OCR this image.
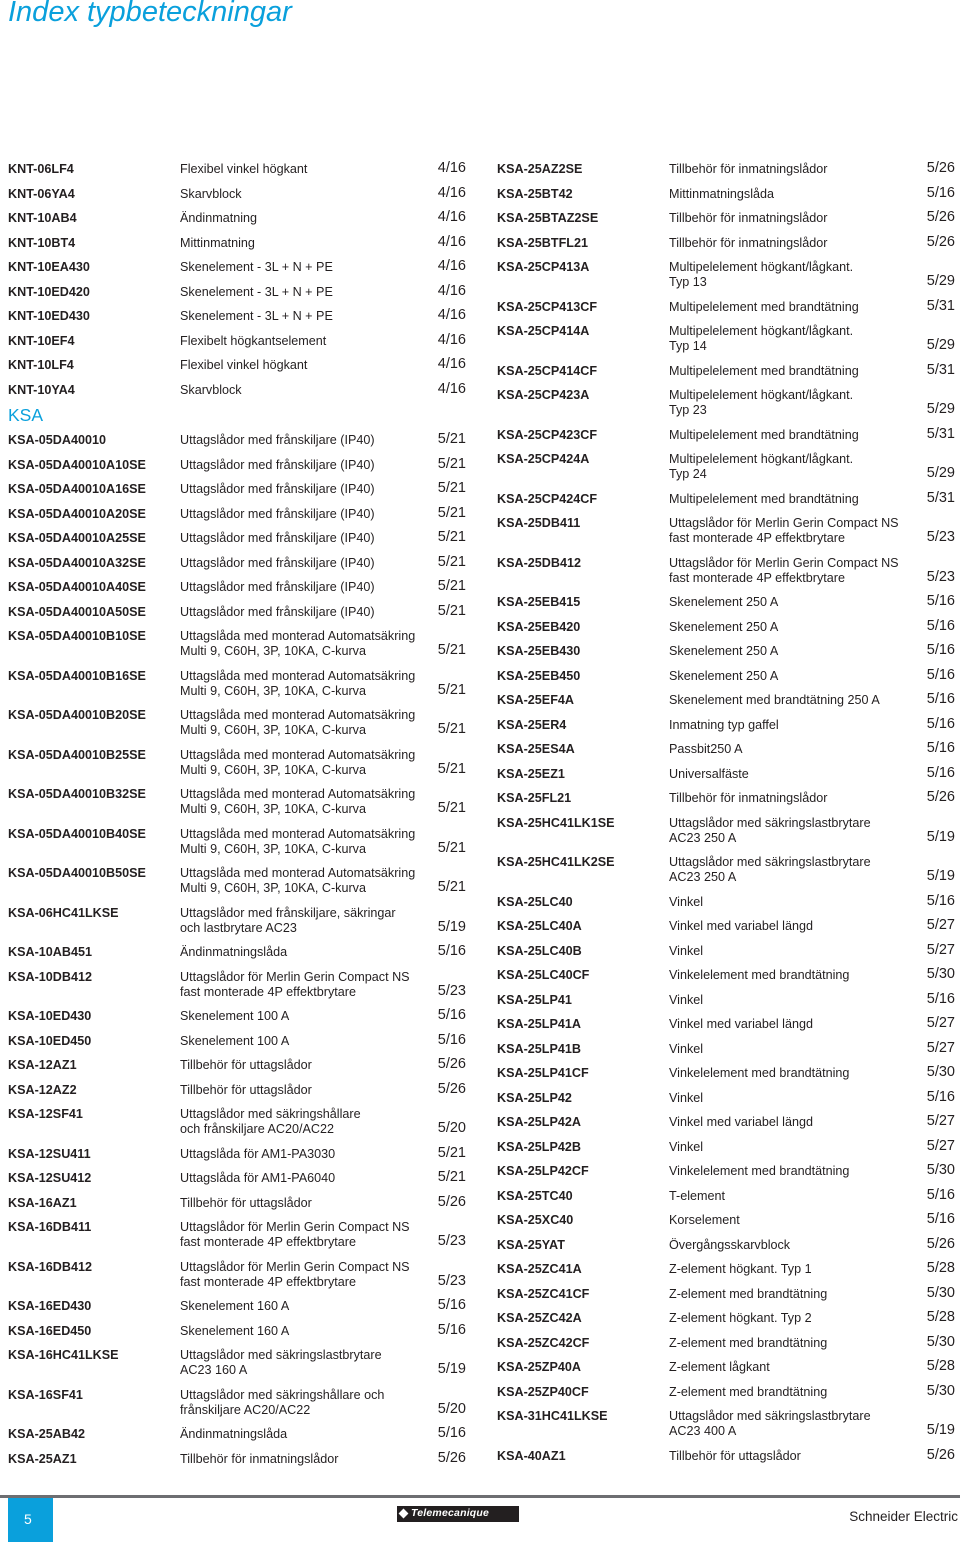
Index typbeteckningar
KNT-06LF4	Flexibel vinkel högkant	4/16
KNT-06YA4	Skarvblock	4/16
KNT-10AB4	Ändinmatning	4/16
KNT-10BT4	Mittinmatning	4/16
KNT-10EA430	Skenelement - 3L + N + PE	4/16
KNT-10ED420	Skenelement - 3L + N + PE	4/16
KNT-10ED430	Skenelement - 3L + N + PE	4/16
KNT-10EF4	Flexibelt högkantselement	4/16
KNT-10LF4	Flexibel vinkel högkant	4/16
KNT-10YA4	Skarvblock	4/16
KSA
KSA-05DA40010	Uttagslådor med frånskiljare (IP40)	5/21
KSA-05DA40010A10SE	Uttagslådor med frånskiljare (IP40)	5/21
KSA-05DA40010A16SE	Uttagslådor med frånskiljare (IP40)	5/21
KSA-05DA40010A20SE	Uttagslådor med frånskiljare (IP40)	5/21
KSA-05DA40010A25SE	Uttagslådor med frånskiljare (IP40)	5/21
KSA-05DA40010A32SE	Uttagslådor med frånskiljare (IP40)	5/21
KSA-05DA40010A40SE	Uttagslådor med frånskiljare (IP40)	5/21
KSA-05DA40010A50SE	Uttagslådor med frånskiljare (IP40)	5/21
KSA-05DA40010B10SE	Uttagslåda med monterad Automatsäkring
Multi 9, C60H, 3P, 10KA, C-kurva	5/21
KSA-05DA40010B16SE	Uttagslåda med monterad Automatsäkring
Multi 9, C60H, 3P, 10KA, C-kurva	5/21
KSA-05DA40010B20SE	Uttagslåda med monterad Automatsäkring
Multi 9, C60H, 3P, 10KA, C-kurva	5/21
KSA-05DA40010B25SE	Uttagslåda med monterad Automatsäkring
Multi 9, C60H, 3P, 10KA, C-kurva	5/21
KSA-05DA40010B32SE	Uttagslåda med monterad Automatsäkring
Multi 9, C60H, 3P, 10KA, C-kurva	5/21
KSA-05DA40010B40SE	Uttagslåda med monterad Automatsäkring
Multi 9, C60H, 3P, 10KA, C-kurva	5/21
KSA-05DA40010B50SE	Uttagslåda med monterad Automatsäkring
Multi 9, C60H, 3P, 10KA, C-kurva	5/21
KSA-06HC41LKSE	Uttagslådor med frånskiljare, säkringar
och lastbrytare AC23	5/19
KSA-10AB451	Ändinmatningslåda	5/16
KSA-10DB412	Uttagslådor för Merlin Gerin Compact NS
fast monterade 4P effektbrytare	5/23
KSA-10ED430	Skenelement 100 A	5/16
KSA-10ED450	Skenelement 100 A	5/16
KSA-12AZ1	Tillbehör för uttagslådor	5/26
KSA-12AZ2	Tillbehör för uttagslådor	5/26
KSA-12SF41	Uttagslådor med säkringshållare
och frånskiljare AC20/AC22	5/20
KSA-12SU411	Uttagslåda för AM1-PA3030	5/21
KSA-12SU412	Uttagslåda för AM1-PA6040	5/21
KSA-16AZ1	Tillbehör för uttagslådor	5/26
KSA-16DB411	Uttagslådor för Merlin Gerin Compact NS
fast monterade 4P effektbrytare	5/23
KSA-16DB412	Uttagslådor för Merlin Gerin Compact NS
fast monterade 4P effektbrytare	5/23
KSA-16ED430	Skenelement 160 A	5/16
KSA-16ED450	Skenelement 160 A	5/16
KSA-16HC41LKSE	Uttagslådor med säkringslastbrytare
AC23 160 A	5/19
KSA-16SF41	Uttagslådor med säkringshållare och
frånskiljare AC20/AC22	5/20
KSA-25AB42	Ändinmatningslåda	5/16
KSA-25AZ1	Tillbehör för inmatningslådor	5/26
KSA-25AZ2SE	Tillbehör för inmatningslådor	5/26
KSA-25BT42	Mittinmatningslåda	5/16
KSA-25BTAZ2SE	Tillbehör för inmatningslådor	5/26
KSA-25BTFL21	Tillbehör för inmatningslådor	5/26
KSA-25CP413A	Multipelelement högkant/lågkant.
Typ 13	5/29
KSA-25CP413CF	Multipelelement med brandtätning	5/31
KSA-25CP414A	Multipelelement högkant/lågkant.
Typ 14	5/29
KSA-25CP414CF	Multipelelement med brandtätning	5/31
KSA-25CP423A	Multipelelement högkant/lågkant.
Typ 23	5/29
KSA-25CP423CF	Multipelelement med brandtätning	5/31
KSA-25CP424A	Multipelelement högkant/lågkant.
Typ 24	5/29
KSA-25CP424CF	Multipelelement med brandtätning	5/31
KSA-25DB411	Uttagslådor för Merlin Gerin Compact NS
fast monterade 4P effektbrytare	5/23
KSA-25DB412	Uttagslådor för Merlin Gerin Compact NS
fast monterade 4P effektbrytare	5/23
KSA-25EB415	Skenelement 250 A	5/16
KSA-25EB420	Skenelement 250 A	5/16
KSA-25EB430	Skenelement 250 A	5/16
KSA-25EB450	Skenelement 250 A	5/16
KSA-25EF4A	Skenelement med brandtätning 250 A	5/16
KSA-25ER4	Inmatning typ gaffel	5/16
KSA-25ES4A	Passbit250 A	5/16
KSA-25EZ1	Universalfäste	5/16
KSA-25FL21	Tillbehör för inmatningslådor	5/26
KSA-25HC41LK1SE	Uttagslådor med säkringslastbrytare
AC23 250 A	5/19
KSA-25HC41LK2SE	Uttagslådor med säkringslastbrytare
AC23 250 A	5/19
KSA-25LC40	Vinkel	5/16
KSA-25LC40A	Vinkel med variabel längd	5/27
KSA-25LC40B	Vinkel	5/27
KSA-25LC40CF	Vinkelelement med brandtätning	5/30
KSA-25LP41	Vinkel	5/16
KSA-25LP41A	Vinkel med variabel längd	5/27
KSA-25LP41B	Vinkel	5/27
KSA-25LP41CF	Vinkelelement med brandtätning	5/30
KSA-25LP42	Vinkel	5/16
KSA-25LP42A	Vinkel med variabel längd	5/27
KSA-25LP42B	Vinkel	5/27
KSA-25LP42CF	Vinkelelement med brandtätning	5/30
KSA-25TC40	T-element	5/16
KSA-25XC40	Korselement	5/16
KSA-25YAT	Övergångsskarvblock	5/26
KSA-25ZC41A	Z-element högkant. Typ 1	5/28
KSA-25ZC41CF	Z-element med brandtätning	5/30
KSA-25ZC42A	Z-element högkant. Typ 2	5/28
KSA-25ZC42CF	Z-element med brandtätning	5/30
KSA-25ZP40A	Z-element lågkant	5/28
KSA-25ZP40CF	Z-element med brandtätning	5/30
KSA-31HC41LKSE	Uttagslådor med säkringslastbrytare
AC23 400 A	5/19
KSA-40AZ1	Tillbehör för uttagslådor	5/26
5	Telemecanique	Schneider Electric
